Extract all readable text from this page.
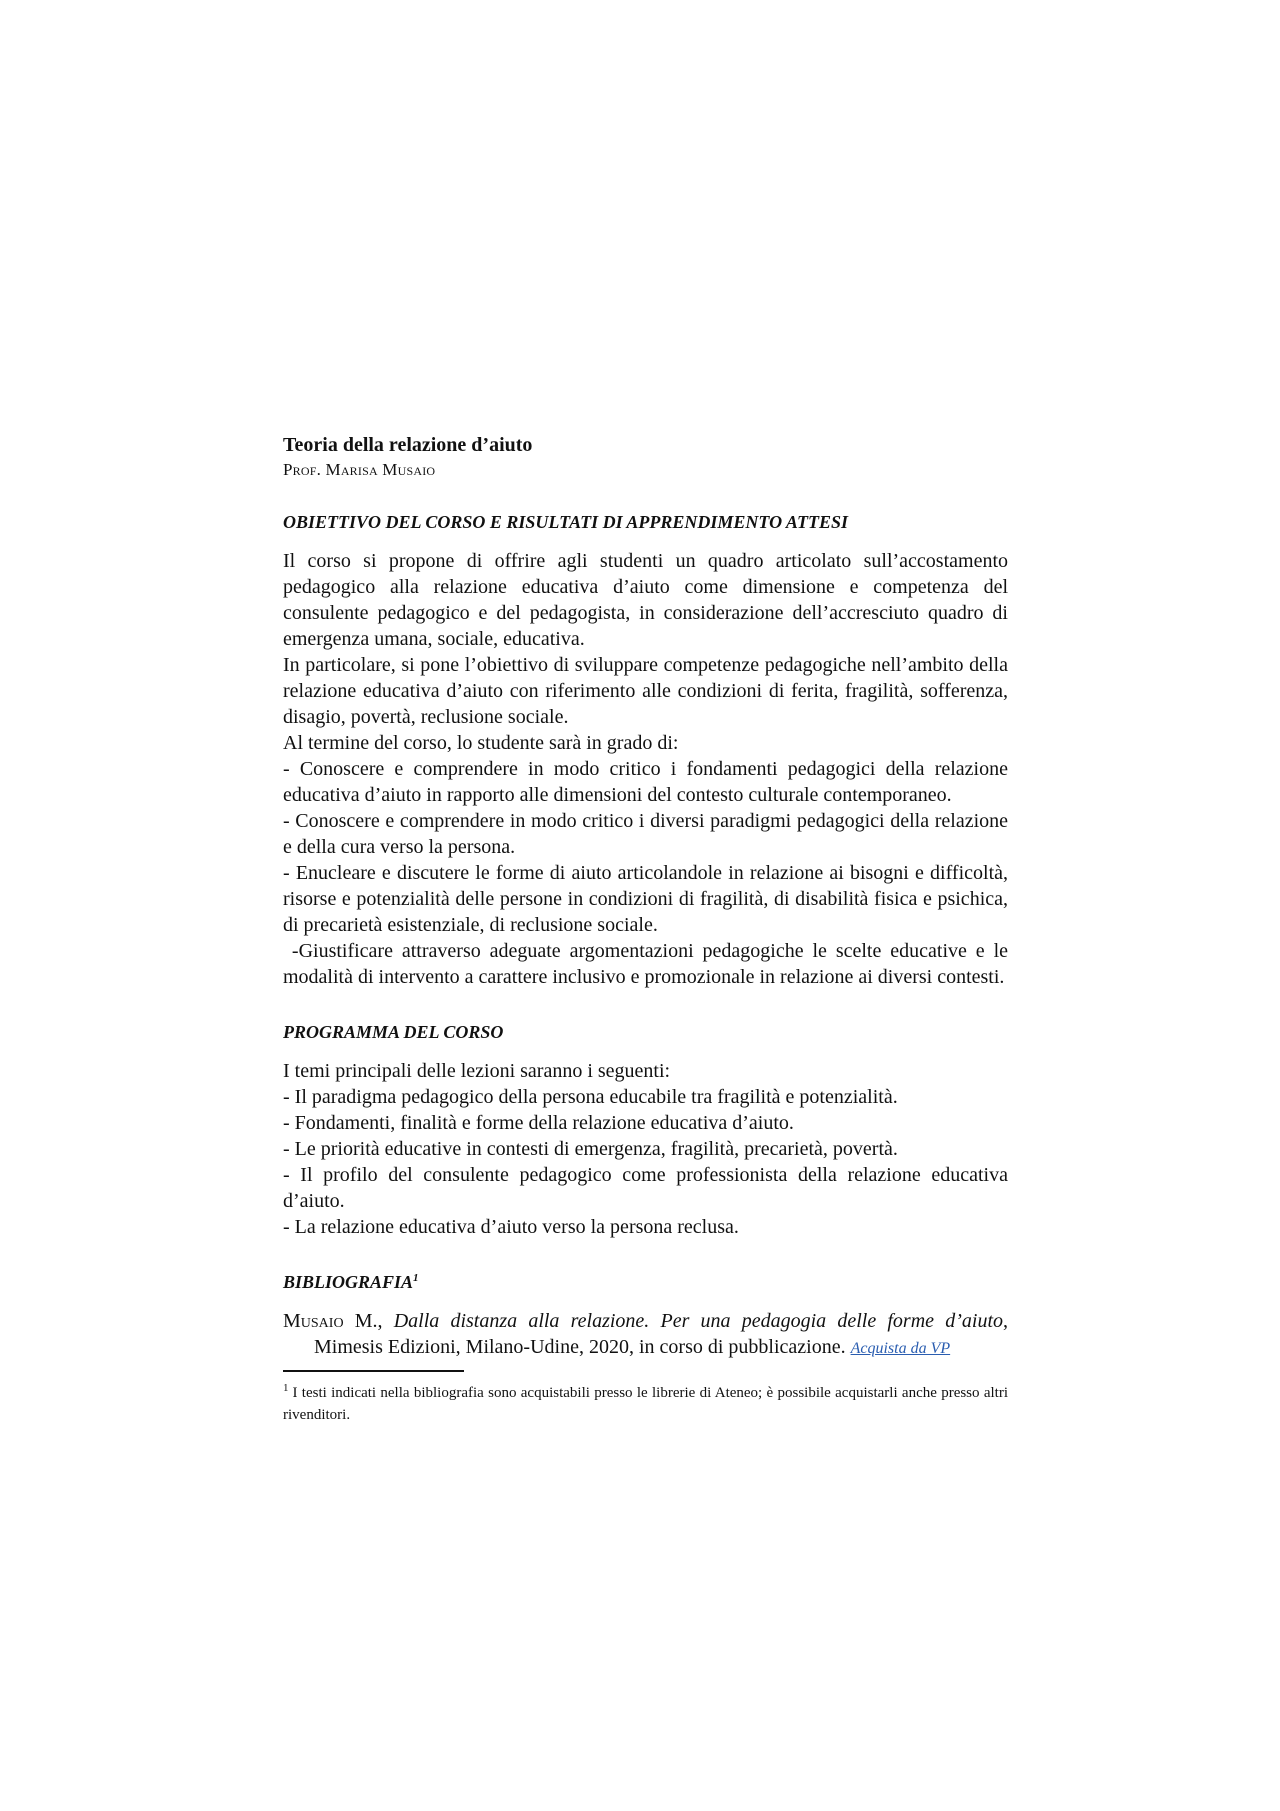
Teoria della relazione d’aiuto

Prof. Marisa Musaio

OBIETTIVO DEL CORSO E RISULTATI DI APPRENDIMENTO ATTESI

Il corso si propone di offrire agli studenti un quadro articolato sull’accostamento pedagogico alla relazione educativa d’aiuto come dimensione e competenza del consulente pedagogico e del pedagogista, in considerazione dell’accresciuto quadro di emergenza umana, sociale, educativa.

In particolare, si pone l’obiettivo di sviluppare competenze pedagogiche nell’ambito della relazione educativa d’aiuto con riferimento alle condizioni di ferita, fragilità, sofferenza, disagio, povertà, reclusione sociale.

Al termine del corso, lo studente sarà in grado di:

- Conoscere e comprendere in modo critico i fondamenti pedagogici della relazione educativa d’aiuto in rapporto alle dimensioni del contesto culturale contemporaneo.

- Conoscere e comprendere in modo critico i diversi paradigmi pedagogici della relazione e della cura verso la persona.

- Enucleare e discutere le forme di aiuto articolandole in relazione ai bisogni e difficoltà, risorse e potenzialità delle persone in condizioni di fragilità, di disabilità fisica e psichica, di precarietà esistenziale, di reclusione sociale.

-Giustificare attraverso adeguate argomentazioni pedagogiche le scelte educative e le modalità di intervento a carattere inclusivo e promozionale in relazione ai diversi contesti.

PROGRAMMA DEL CORSO

I temi principali delle lezioni saranno i seguenti:

- Il paradigma pedagogico della persona educabile tra fragilità e potenzialità.

- Fondamenti, finalità e forme della relazione educativa d’aiuto.

- Le priorità educative in contesti di emergenza, fragilità, precarietà, povertà.

- Il profilo del consulente pedagogico come professionista della relazione educativa d’aiuto.

- La relazione educativa d’aiuto verso la persona reclusa.

BIBLIOGRAFIA$^1$

Musaio M., Dalla distanza alla relazione. Per una pedagogia delle forme d’aiuto, Mimesis Edizioni, Milano-Udine, 2020, in corso di pubblicazione. Acquista da VP

$^1$ I testi indicati nella bibliografia sono acquistabili presso le librerie di Ateneo; è possibile acquistarli anche presso altri rivenditori.
